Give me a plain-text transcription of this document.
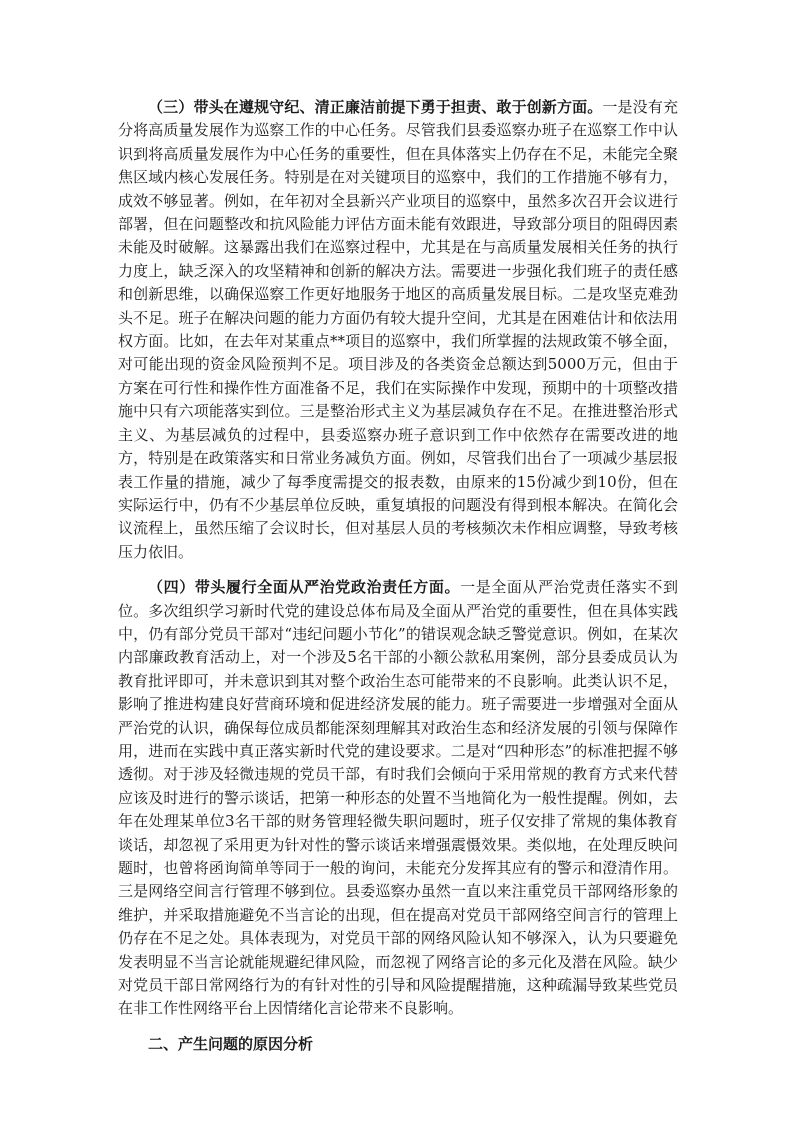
（三）带头在遵规守纪、清正廉洁前提下勇于担责、敢于创新方面。一是没有充分将高质量发展作为巡察工作的中心任务。尽管我们县委巡察办班子在巡察工作中认识到将高质量发展作为中心任务的重要性，但在具体落实上仍存在不足，未能完全聚焦区域内核心发展任务。特别是在对关键项目的巡察中，我们的工作措施不够有力，成效不够显著。例如，在年初对全县新兴产业项目的巡察中，虽然多次召开会议进行部署，但在问题整改和抗风险能力评估方面未能有效跟进，导致部分项目的阻碍因素未能及时破解。这暴露出我们在巡察过程中，尤其是在与高质量发展相关任务的执行力度上，缺乏深入的攻坚精神和创新的解决方法。需要进一步强化我们班子的责任感和创新思维，以确保巡察工作更好地服务于地区的高质量发展目标。二是攻坚克难劲头不足。班子在解决问题的能力方面仍有较大提升空间，尤其是在困难估计和依法用权方面。比如，在去年对某重点**项目的巡察中，我们所掌握的法规政策不够全面，对可能出现的资金风险预判不足。项目涉及的各类资金总额达到5000万元，但由于方案在可行性和操作性方面准备不足，我们在实际操作中发现，预期中的十项整改措施中只有六项能落实到位。三是整治形式主义为基层减负存在不足。在推进整治形式主义、为基层减负的过程中，县委巡察办班子意识到工作中依然存在需要改进的地方，特别是在政策落实和日常业务减负方面。例如，尽管我们出台了一项减少基层报表工作量的措施，减少了每季度需提交的报表数，由原来的15份减少到10份，但在实际运行中，仍有不少基层单位反映，重复填报的问题没有得到根本解决。在简化会议流程上，虽然压缩了会议时长，但对基层人员的考核频次未作相应调整，导致考核压力依旧。

（四）带头履行全面从严治党政治责任方面。一是全面从严治党责任落实不到位。多次组织学习新时代党的建设总体布局及全面从严治党的重要性，但在具体实践中，仍有部分党员干部对“违纪问题小节化”的错误观念缺乏警觉意识。例如，在某次内部廉政教育活动上，对一个涉及5名干部的小额公款私用案例，部分县委成员认为教育批评即可，并未意识到其对整个政治生态可能带来的不良影响。此类认识不足，影响了推进构建良好营商环境和促进经济发展的能力。班子需要进一步增强对全面从严治党的认识，确保每位成员都能深刻理解其对政治生态和经济发展的引领与保障作用，进而在实践中真正落实新时代党的建设要求。二是对“四种形态”的标准把握不够透彻。对于涉及轻微违规的党员干部，有时我们会倾向于采用常规的教育方式来代替应该及时进行的警示谈话，把第一种形态的处置不当地简化为一般性提醒。例如，去年在处理某单位3名干部的财务管理轻微失职问题时，班子仅安排了常规的集体教育谈话，却忽视了采用更为针对性的警示谈话来增强震慑效果。类似地，在处理反映问题时，也曾将函询简单等同于一般的询问，未能充分发挥其应有的警示和澄清作用。三是网络空间言行管理不够到位。县委巡察办虽然一直以来注重党员干部网络形象的维护，并采取措施避免不当言论的出现，但在提高对党员干部网络空间言行的管理上仍存在不足之处。具体表现为，对党员干部的网络风险认知不够深入，认为只要避免发表明显不当言论就能规避纪律风险，而忽视了网络言论的多元化及潜在风险。缺少对党员干部日常网络行为的有针对性的引导和风险提醒措施，这种疏漏导致某些党员在非工作性网络平台上因情绪化言论带来不良影响。

二、产生问题的原因分析
